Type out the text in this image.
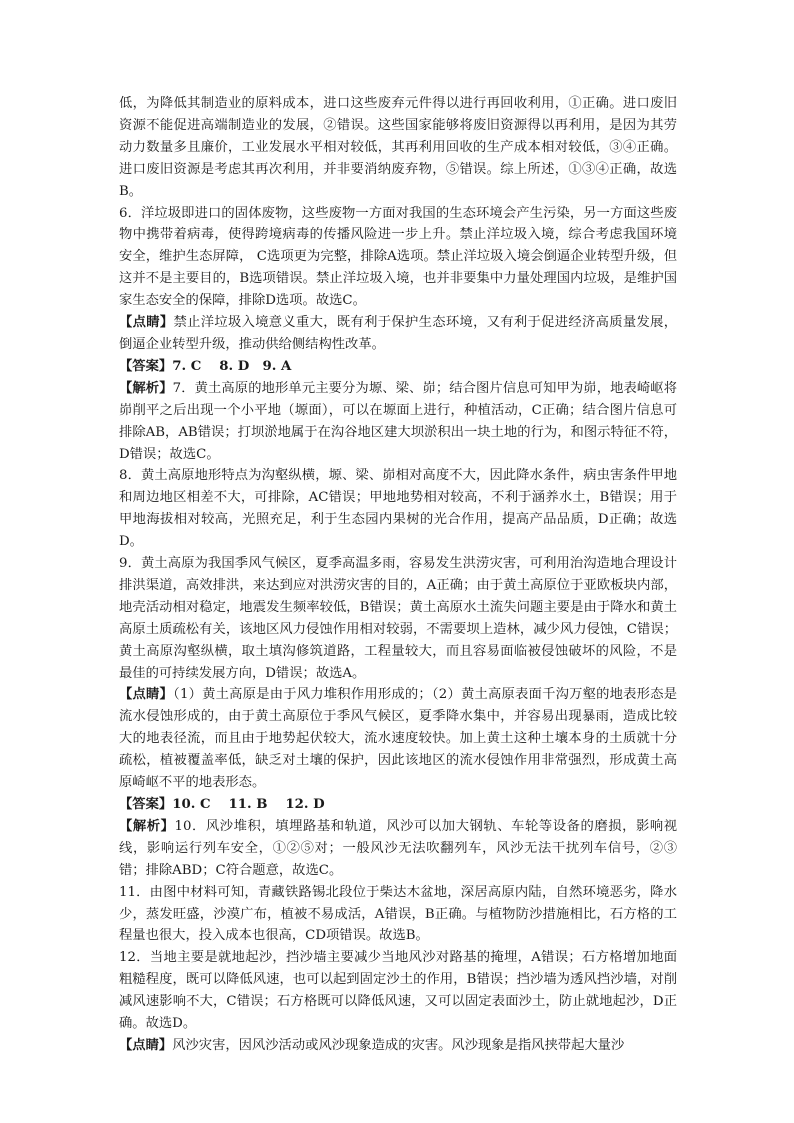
低，为降低其制造业的原料成本，进口这些废弃元件得以进行再回收利用，①正确。进口废旧资源不能促进高端制造业的发展，②错误。这些国家能够将废旧资源得以再利用，是因为其劳动力数量多且廉价，工业发展水平相对较低，其再利用回收的生产成本相对较低，③④正确。进口废旧资源是考虑其再次利用，并非要消纳废弃物，⑤错误。综上所述，①③④正确，故选B。

6．洋垃圾即进口的固体废物，这些废物一方面对我国的生态环境会产生污染，另一方面这些废物中携带着病毒，使得跨境病毒的传播风险进一步上升。禁止洋垃圾入境，综合考虑我国环境安全，维护生态屏障， C选项更为完整，排除A选项。禁止洋垃圾入境会倒逼企业转型升级，但这并不是主要目的，B选项错误。禁止洋垃圾入境，也并非要集中力量处理国内垃圾，是维护国家生态安全的保障，排除D选项。故选C。

【点睛】禁止洋垃圾入境意义重大，既有利于保护生态环境，又有利于促进经济高质量发展，倒逼企业转型升级，推动供给侧结构性改革。

【答案】7. C　 8. D　9. A

【解析】7．黄土高原的地形单元主要分为塬、梁、峁；结合图片信息可知甲为峁，地表崎岖将峁削平之后出现一个小平地（塬面），可以在塬面上进行，种植活动，C正确；结合图片信息可排除AB，AB错误；打坝淤地属于在沟谷地区建大坝淤积出一块土地的行为，和图示特征不符，D错误；故选C。

8．黄土高原地形特点为沟壑纵横，塬、梁、峁相对高度不大，因此降水条件，病虫害条件甲地和周边地区相差不大，可排除，AC错误；甲地地势相对较高，不利于涵养水土，B错误；用于甲地海拔相对较高，光照充足，利于生态园内果树的光合作用，提高产品品质，D正确；故选D。

9．黄土高原为我国季风气候区，夏季高温多雨，容易发生洪涝灾害，可利用治沟造地合理设计排洪渠道，高效排洪，来达到应对洪涝灾害的目的，A正确；由于黄土高原位于亚欧板块内部，地壳活动相对稳定，地震发生频率较低，B错误；黄土高原水土流失问题主要是由于降水和黄土高原土质疏松有关，该地区风力侵蚀作用相对较弱，不需要坝上造林，减少风力侵蚀，C错误；黄土高原沟壑纵横，取土填沟修筑道路，工程量较大，而且容易面临被侵蚀破坏的风险，不是最佳的可持续发展方向，D错误；故选A。

【点睛】（1）黄土高原是由于风力堆积作用形成的；（2）黄土高原表面千沟万壑的地表形态是流水侵蚀形成的，由于黄土高原位于季风气候区，夏季降水集中，并容易出现暴雨，造成比较大的地表径流，而且由于地势起伏较大，流水速度较快。加上黄土这种土壤本身的土质就十分疏松，植被覆盖率低，缺乏对土壤的保护，因此该地区的流水侵蚀作用非常强烈，形成黄土高原崎岖不平的地表形态。

【答案】10. C　 11. B　 12. D

【解析】10．风沙堆积，填埋路基和轨道，风沙可以加大钢轨、车轮等设备的磨损，影响视线，影响运行列车安全，①②⑤对；一般风沙无法吹翻列车，风沙无法干扰列车信号，②③错；排除ABD；C符合题意，故选C。

11．由图中材料可知，青藏铁路锡北段位于柴达木盆地，深居高原内陆，自然环境恶劣，降水少，蒸发旺盛，沙漠广布，植被不易成活，A错误，B正确。与植物防沙措施相比，石方格的工程量也很大，投入成本也很高，CD项错误。故选B。

12．当地主要是就地起沙，挡沙墙主要减少当地风沙对路基的掩埋，A错误；石方格增加地面粗糙程度，既可以降低风速，也可以起到固定沙土的作用，B错误；挡沙墙为透风挡沙墙，对削减风速影响不大，C错误；石方格既可以降低风速，又可以固定表面沙土，防止就地起沙，D正确。故选D。

【点睛】风沙灾害，因风沙活动或风沙现象造成的灾害。风沙现象是指风挟带起大量沙
